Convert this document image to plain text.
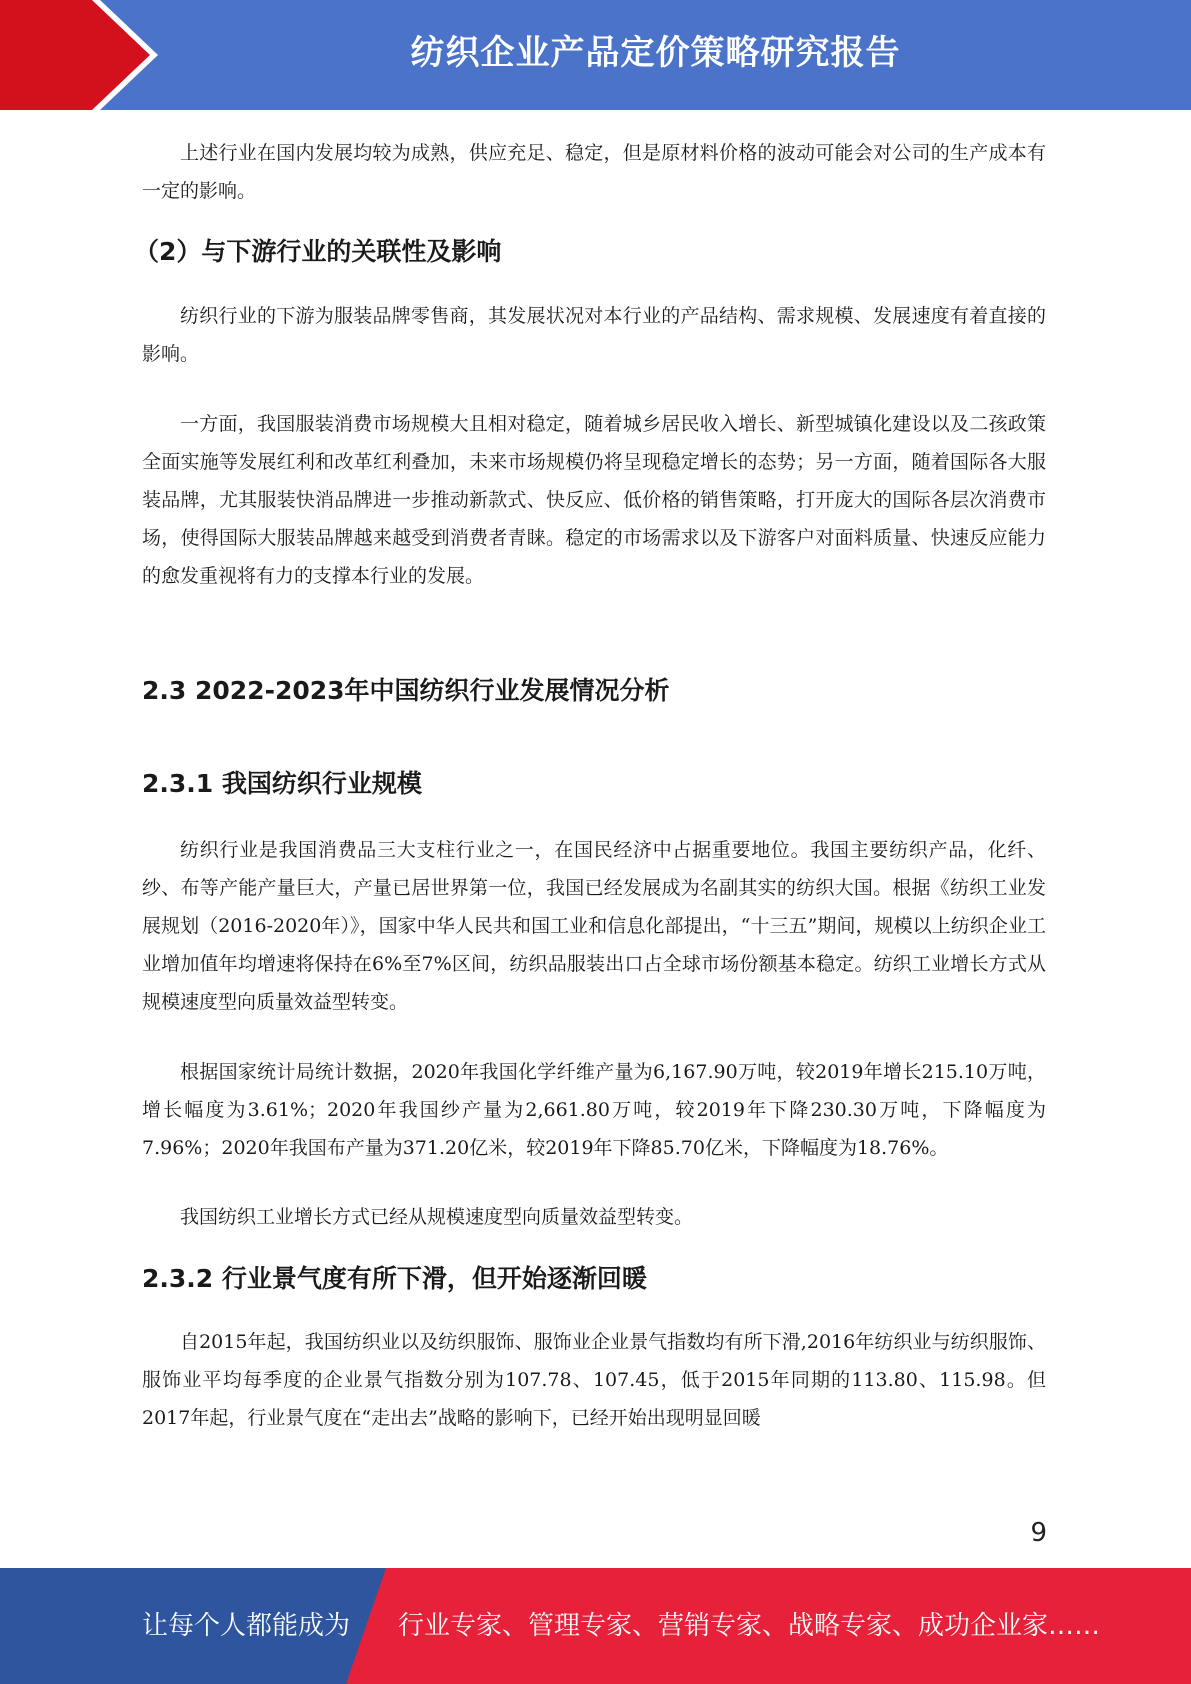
纺织企业产品定价策略研究报告

上述行业在国内发展均较为成熟，供应充足、稳定，但是原材料价格的波动可能会对公司的生产成本有一定的影响。

（2）与下游行业的关联性及影响

纺织行业的下游为服装品牌零售商，其发展状况对本行业的产品结构、需求规模、发展速度有着直接的影响。

一方面，我国服装消费市场规模大且相对稳定，随着城乡居民收入增长、新型城镇化建设以及二孩政策全面实施等发展红利和改革红利叠加，未来市场规模仍将呈现稳定增长的态势；另一方面，随着国际各大服装品牌，尤其服装快消品牌进一步推动新款式、快反应、低价格的销售策略，打开庞大的国际各层次消费市场，使得国际大服装品牌越来越受到消费者青睐。稳定的市场需求以及下游客户对面料质量、快速反应能力的愈发重视将有力的支撑本行业的发展。

2.3 2022-2023年中国纺织行业发展情况分析
2.3.1 我国纺织行业规模

纺织行业是我国消费品三大支柱行业之一，在国民经济中占据重要地位。我国主要纺织产品，化纤、纱、布等产能产量巨大，产量已居世界第一位，我国已经发展成为名副其实的纺织大国。根据《纺织工业发展规划（2016-2020年）》，国家中华人民共和国工业和信息化部提出，“十三五”期间，规模以上纺织企业工业增加值年均增速将保持在6%至7%区间，纺织品服装出口占全球市场份额基本稳定。纺织工业增长方式从规模速度型向质量效益型转变。

根据国家统计局统计数据，2020年我国化学纤维产量为6,167.90万吨，较2019年增长215.10万吨，增长幅度为3.61%；2020年我国纱产量为2,661.80万吨，较2019年下降230.30万吨，下降幅度为7.96%；2020年我国布产量为371.20亿米，较2019年下降85.70亿米，下降幅度为18.76%。

我国纺织工业增长方式已经从规模速度型向质量效益型转变。

2.3.2 行业景气度有所下滑，但开始逐渐回暖

自2015年起，我国纺织业以及纺织服饰、服饰业企业景气指数均有所下滑,2016年纺织业与纺织服饰、服饰业平均每季度的企业景气指数分别为107.78、107.45，低于2015年同期的113.80、115.98。但2017年起，行业景气度在“走出去”战略的影响下，已经开始出现明显回暖

9
让每个人都能成为 行业专家、管理专家、营销专家、战略专家、成功企业家……
